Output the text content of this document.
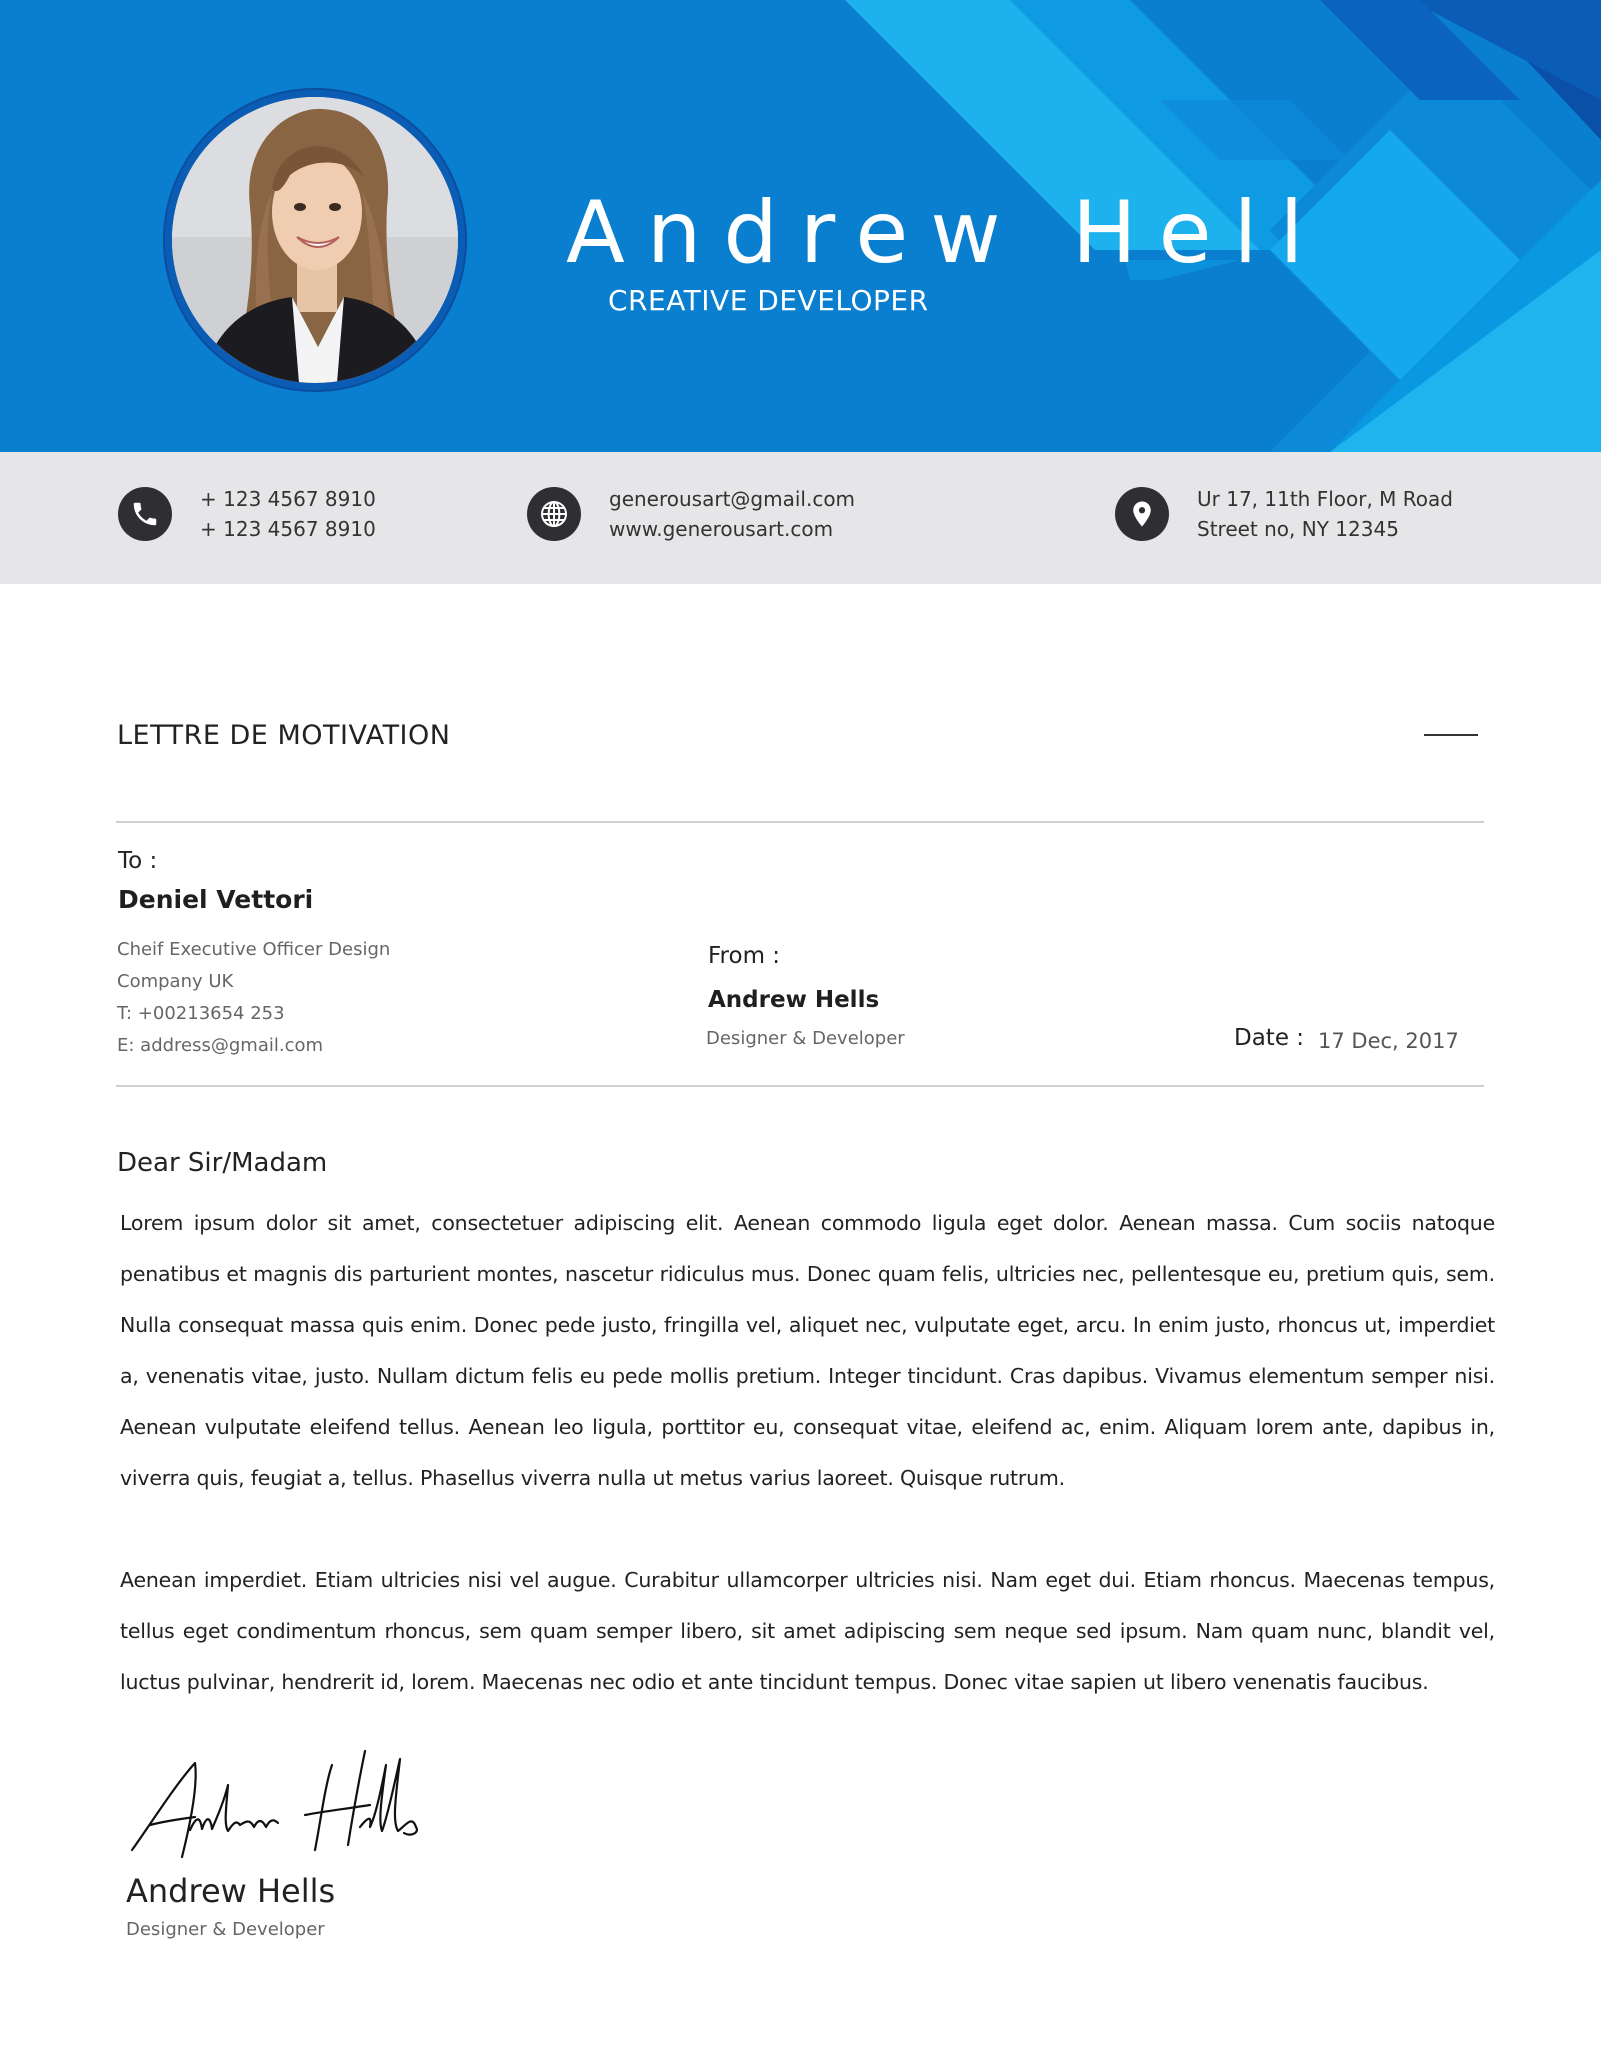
Andrew Hell
CREATIVE DEVELOPER
+ 123 4567 8910
+ 123 4567 8910
generousart@gmail.com
www.generousart.com
Ur 17, 11th Floor, M Road
Street no, NY 12345
LETTRE DE MOTIVATION
To :
Deniel Vettori
Cheif Executive Officer Design
Company UK
T: +00213654 253
E: address@gmail.com
From :
Andrew Hells
Designer & Developer	Date : 17 Dec, 2017
Dear Sir/Madam
Lorem ipsum dolor sit amet, consectetuer adipiscing elit. Aenean commodo ligula eget dolor. Aenean massa. Cum sociis natoque penatibus et magnis dis parturient montes, nascetur ridiculus mus. Donec quam felis, ultricies nec, pellentesque eu, pretium quis, sem. Nulla consequat massa quis enim. Donec pede justo, fringilla vel, aliquet nec, vulputate eget, arcu. In enim justo, rhoncus ut, imperdiet a, venenatis vitae, justo. Nullam dictum felis eu pede mollis pretium. Integer tincidunt. Cras dapibus. Vivamus elementum semper nisi. Aenean vulputate eleifend tellus. Aenean leo ligula, porttitor eu, consequat vitae, eleifend ac, enim. Aliquam lorem ante, dapibus in, viverra quis, feugiat a, tellus. Phasellus viverra nulla ut metus varius laoreet. Quisque rutrum.
Aenean imperdiet. Etiam ultricies nisi vel augue. Curabitur ullamcorper ultricies nisi. Nam eget dui. Etiam rhoncus. Maecenas tempus, tellus eget condimentum rhoncus, sem quam semper libero, sit amet adipiscing sem neque sed ipsum. Nam quam nunc, blandit vel, luctus pulvinar, hendrerit id, lorem. Maecenas nec odio et ante tincidunt tempus. Donec vitae sapien ut libero venenatis faucibus.
Andrew Hells
Designer & Developer
